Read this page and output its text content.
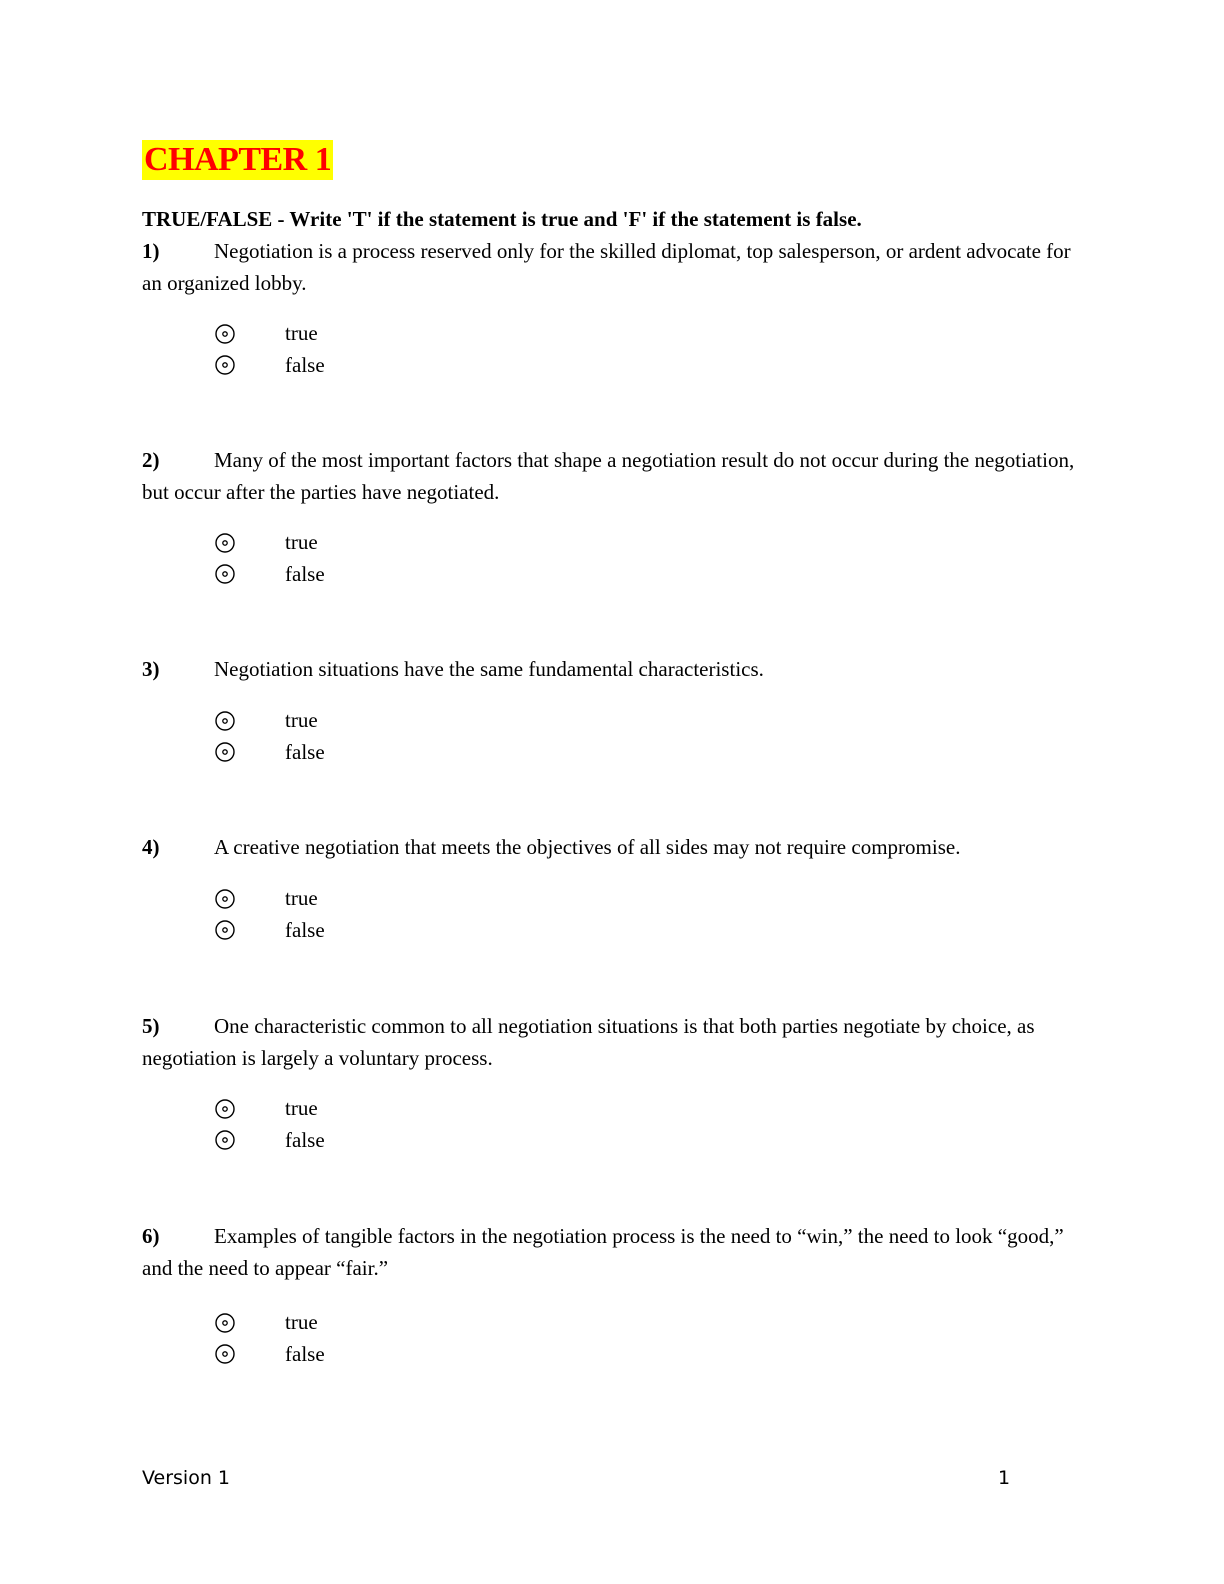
CHAPTER 1
TRUE/FALSE - Write 'T' if the statement is true and 'F' if the statement is false.

1)	Negotiation is a process reserved only for the skilled diplomat, top salesperson, or ardent advocate for an organized lobby.

true
false

2)	Many of the most important factors that shape a negotiation result do not occur during the negotiation, but occur after the parties have negotiated.

true
false

3)	Negotiation situations have the same fundamental characteristics.

true
false

4)	A creative negotiation that meets the objectives of all sides may not require compromise.

true
false

5)	One characteristic common to all negotiation situations is that both parties negotiate by choice, as negotiation is largely a voluntary process.

true
false

6)	Examples of tangible factors in the negotiation process is the need to “win,” the need to look “good,” and the need to appear “fair.”

true
false
Version 1	1
